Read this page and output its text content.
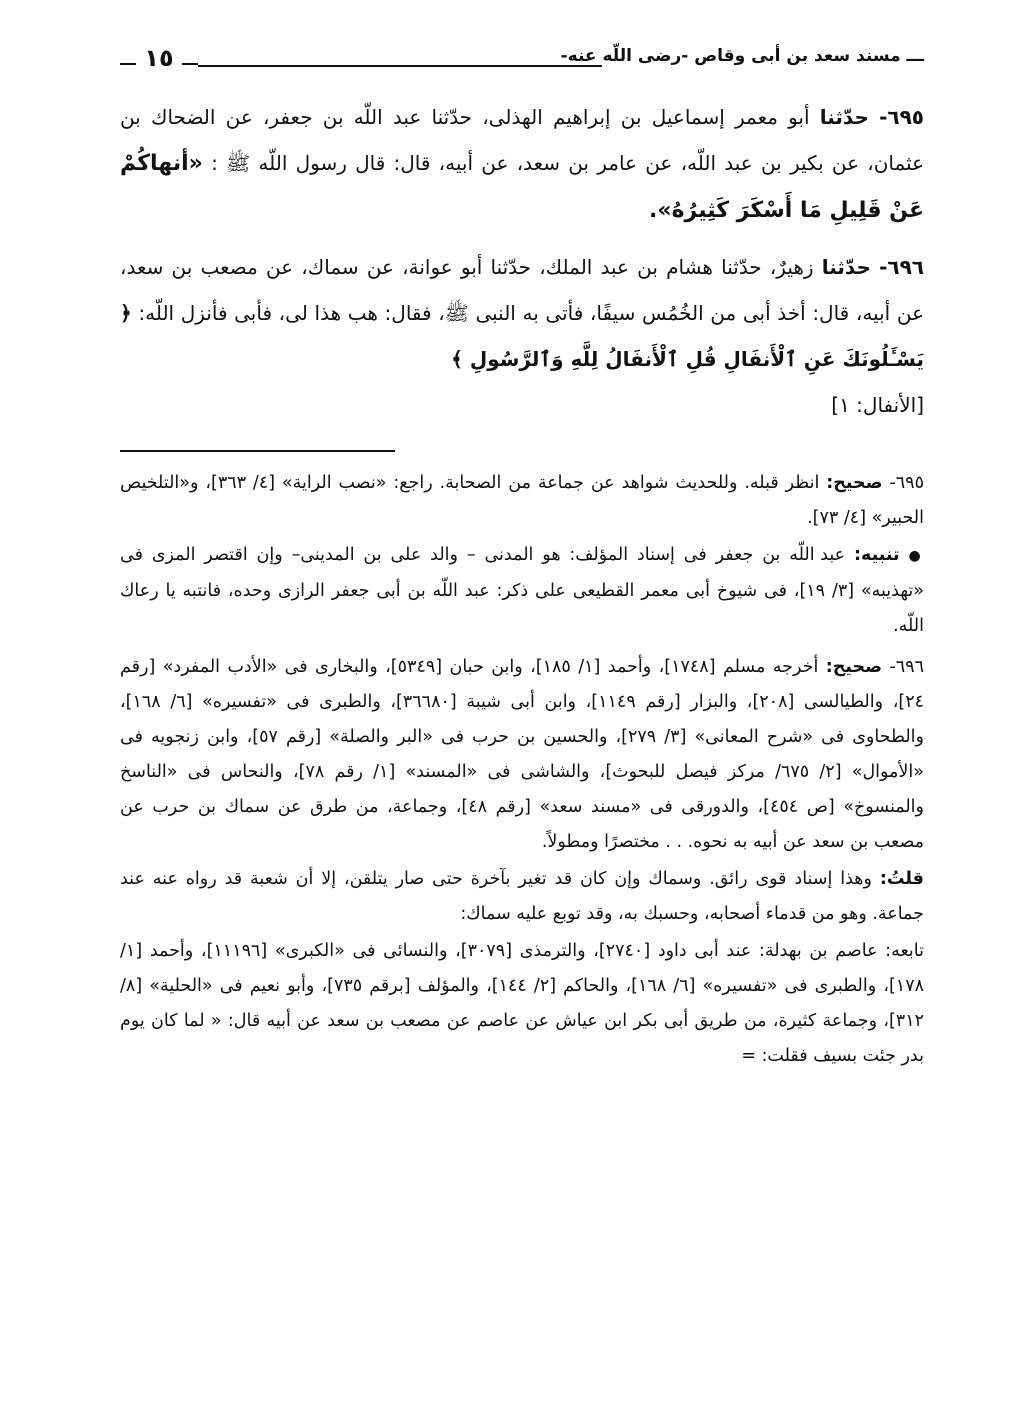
ـــ مسند سعد بن أبى وقاص -رضى اللّه عنه-
١٥

٦٩٥- حدّثنا أبو معمر إسماعيل بن إبراهيم الهذلى، حدّثنا عبد اللّه بن جعفر، عن الضحاك بن عثمان، عن بكير بن عبد اللّه، عن عامر بن سعد، عن أبيه، قال: قال رسول اللّه ﷺ : «أنهاكُمْ عَنْ قَلِيلِ مَا أَسْكَرَ كَثِيرُهُ».

٦٩٦- حدّثنا زهيرٌ، حدّثنا هشام بن عبد الملك، حدّثنا أبو عوانة، عن سماك، عن مصعب بن سعد، عن أبيه، قال: أخذ أبى من الخُمُس سيفًا، فأتى به النبى ﷺ، فقال: هب هذا لى، فأبى فأنزل اللّه: ﴿ يَسْـَٔلُونَكَ عَنِ ٱلْأَنفَالِ قُلِ ٱلْأَنفَالُ لِلَّهِ وَٱلرَّسُولِ ﴾
[الأنفال: ١]

٦٩٥- صحيح: انظر قبله. وللحديث شواهد عن جماعة من الصحابة. راجع: «نصب الراية» [٤/ ٣٦٣]، و«التلخيص الحبير» [٤/ ٧٣].

● تنبيه: عبد اللّه بن جعفر فى إسناد المؤلف: هو المدنى – والد على بن المدينى– وإن اقتصر المزى فى «تهذيبه» [٣/ ١٩]، فى شيوخ أبى معمر القطيعى على ذكر: عبد اللّه بن أبى جعفر الرازى وحده، فانتبه يا رعاك اللّه.

٦٩٦- صحيح: أخرجه مسلم [١٧٤٨]، وأحمد [١/ ١٨٥]، وابن حبان [٥٣٤٩]، والبخارى فى «الأدب المفرد» [رقم ٢٤]، والطيالسى [٢٠٨]، والبزار [رقم ١١٤٩]، وابن أبى شيبة [٣٦٦٨٠]، والطبرى فى «تفسيره» [٦/ ١٦٨]، والطحاوى فى «شرح المعانى» [٣/ ٢٧٩]، والحسين بن حرب فى «البر والصلة» [رقم ٥٧]، وابن زنجويه فى «الأموال» [٢/ ٦٧٥/ مركز فيصل للبحوث]، والشاشى فى «المسند» [١/ رقم ٧٨]، والنحاس فى «الناسخ والمنسوخ» [ص ٤٥٤]، والدورقى فى «مسند سعد» [رقم ٤٨]، وجماعة، من طرق عن سماك بن حرب عن مصعب بن سعد عن أبيه به نحوه. . . مختصرًا ومطولاً.

قلتُ: وهذا إسناد قوى رائق. وسماك وإن كان قد تغير بآخرة حتى صار يتلقن، إلا أن شعبة قد رواه عنه عند جماعة. وهو من قدماء أصحابه، وحسبك به، وقد توبع عليه سماك:

تابعه: عاصم بن بهدلة: عند أبى داود [٢٧٤٠]، والترمذى [٣٠٧٩]، والنسائى فى «الكبرى» [١١١٩٦]، وأحمد [١/ ١٧٨]، والطبرى فى «تفسيره» [٦/ ١٦٨]، والحاكم [٢/ ١٤٤]، والمؤلف [برقم ٧٣٥]، وأبو نعيم فى «الحلية» [٨/ ٣١٢]، وجماعة كثيرة، من طريق أبى بكر ابن عياش عن عاصم عن مصعب بن سعد عن أبيه قال: « لما كان يوم بدر جئت بسيف فقلت: =
